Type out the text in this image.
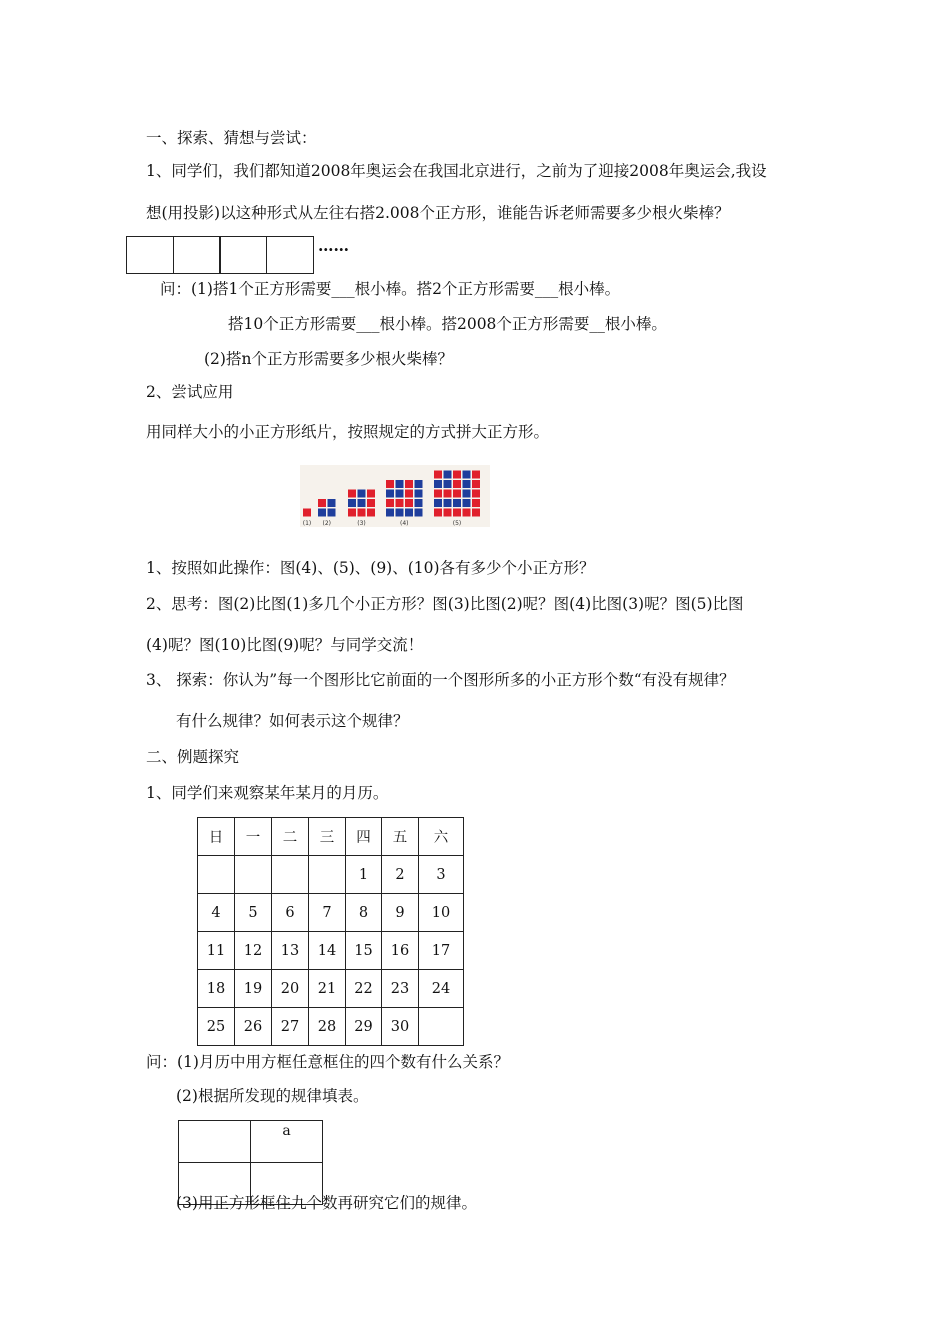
一、探索、猜想与尝试：
1、同学们，我们都知道2008年奥运会在我国北京进行，之前为了迎接2008年奥运会,我设
想(用投影)以这种形式从左往右搭2.008个正方形，谁能告诉老师需要多少根火柴棒？
……
问：(1)搭1个正方形需要___根小棒。搭2个正方形需要___根小棒。
搭10个正方形需要___根小棒。搭2008个正方形需要__根小棒。
(2)搭n个正方形需要多少根火柴棒？
2、尝试应用
用同样大小的小正方形纸片，按照规定的方式拼大正方形。
(1) (2)	(3)	(4)	(5)
1、按照如此操作：图(4)、(5)、(9)、(10)各有多少个小正方形？
2、思考：图(2)比图(1)多几个小正方形？图(3)比图(2)呢？图(4)比图(3)呢？图(5)比图
(4)呢？图(10)比图(9)呢？与同学交流！
3、 探索：你认为”每一个图形比它前面的一个图形所多的小正方形个数“有没有规律？
有什么规律？如何表示这个规律？
二、例题探究
1、同学们来观察某年某月的月历。
日	一	二	三	四	五	六
				1	2	3
4	5	6	7	8	9	10
11	12	13	14	15	16	17
18	19	20	21	22	23	24
25	26	27	28	29	30	
问：(1)月历中用方框任意框住的四个数有什么关系？
(2)根据所发现的规律填表。
	a

(3)用正方形框住九个数再研究它们的规律。
